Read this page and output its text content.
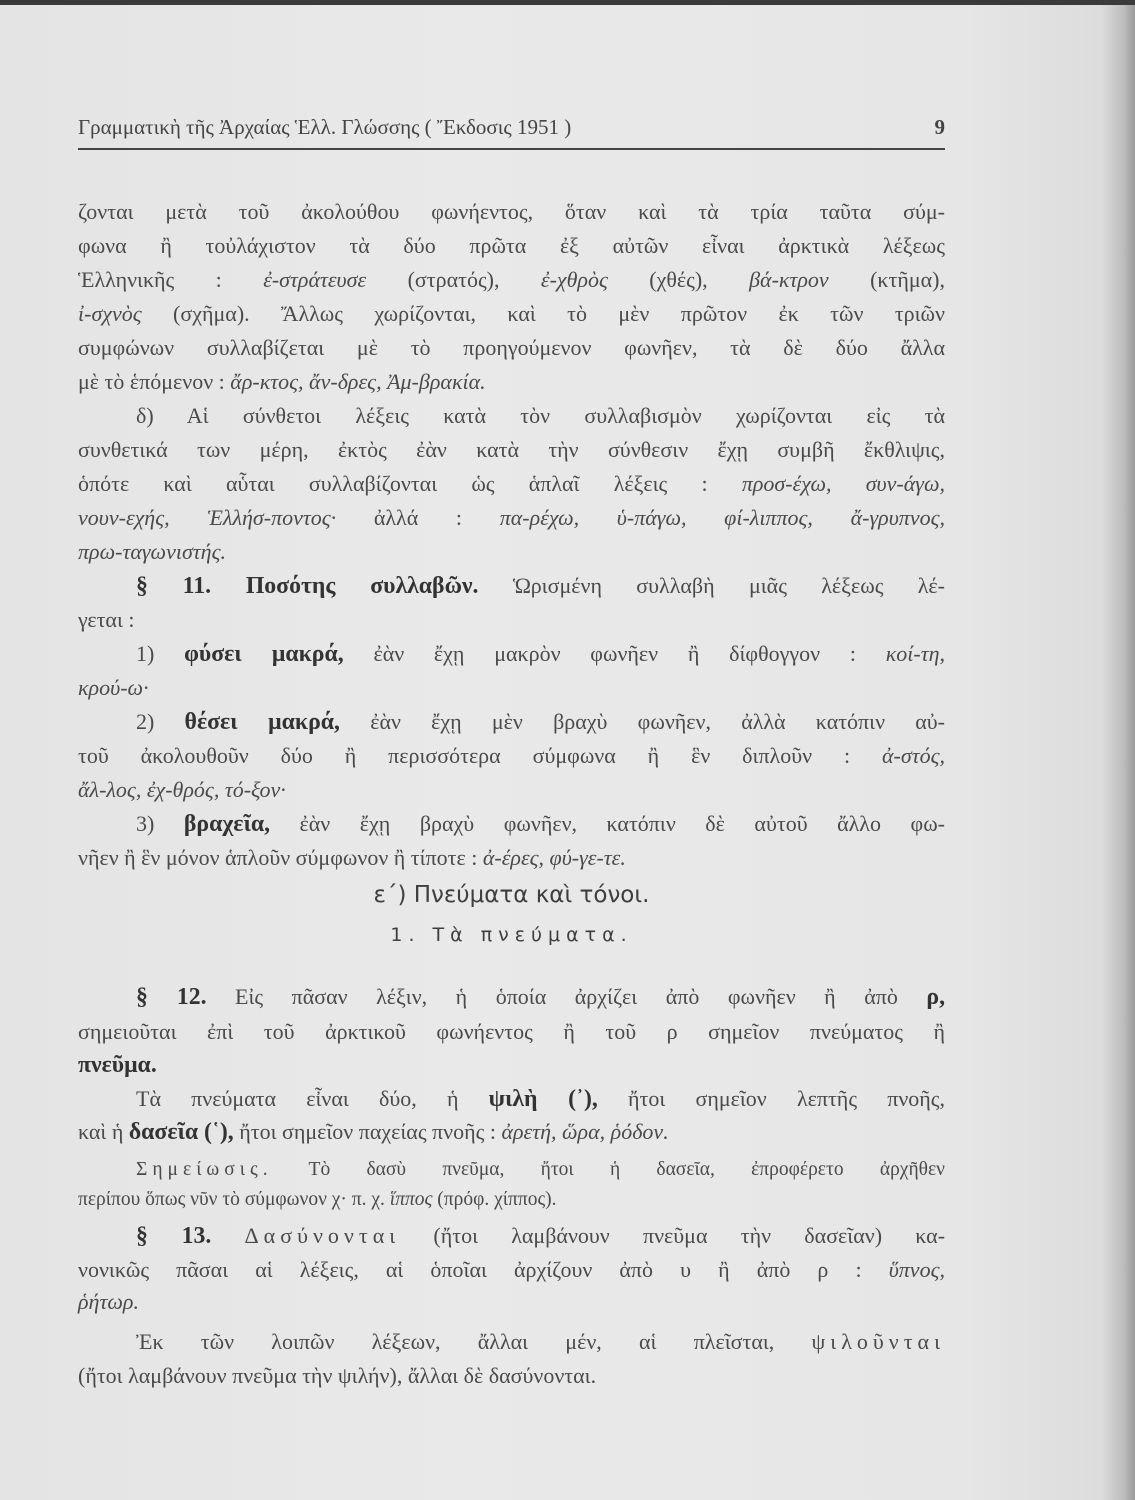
Γραμματικὴ τῆς Ἀρχαίας Ἑλλ. Γλώσσης ( Ἔκδοσις 1951 )	9
ε´) Πνεύματα καὶ τόνοι.
1. Τὰ πνεύματα.
ζονται μετὰ τοῦ ἀκολούθου φωνήεντος, ὅταν καὶ τὰ τρία ταῦτα σύμ-
φωνα ἢ τοὐλάχιστον τὰ δύο πρῶτα ἐξ αὐτῶν εἶναι ἀρκτικὰ λέξεως
Ἑλληνικῆς : ἐ-στράτευσε (στρατός), ἐ-χθρὸς (χθές), βά-κτρον (κτῆμα),
ἰ-σχνὸς (σχῆμα). Ἄλλως χωρίζονται, καὶ τὸ μὲν πρῶτον ἐκ τῶν τριῶν
συμφώνων συλλαβίζεται μὲ τὸ προηγούμενον φωνῆεν, τὰ δὲ δύο ἄλλα
μὲ τὸ ἑπόμενον : ἄρ-κτος, ἄν-δρες, Ἀμ-βρακία.
δ) Αἱ σύνθετοι λέξεις κατὰ τὸν συλλαβισμὸν χωρίζονται εἰς τὰ
συνθετικά των μέρη, ἐκτὸς ἐὰν κατὰ τὴν σύνθεσιν ἔχῃ συμβῆ ἔκθλιψις,
ὁπότε καὶ αὗται συλλαβίζονται ὡς ἁπλαῖ λέξεις : προσ-έχω, συν-άγω,
νουν-εχής, Ἑλλήσ-ποντος· ἀλλά : πα-ρέχω, ὑ-πάγω, φί-λιππος, ἄ-γρυπνος,
πρω-ταγωνιστής.
§ 11. Ποσότης συλλαβῶν. Ὡρισμένη συλλαβὴ μιᾶς λέξεως λέ-
γεται :
1) φύσει μακρά, ἐὰν ἔχῃ μακρὸν φωνῆεν ἢ δίφθογγον : κοί-τη,
κρού-ω·
2) θέσει μακρά, ἐὰν ἔχῃ μὲν βραχὺ φωνῆεν, ἀλλὰ κατόπιν αὐ-
τοῦ ἀκολουθοῦν δύο ἢ περισσότερα σύμφωνα ἢ ἓν διπλοῦν : ἀ-στός,
ἄλ-λος, ἐχ-θρός, τό-ξον·
3) βραχεῖα, ἐὰν ἔχῃ βραχὺ φωνῆεν, κατόπιν δὲ αὐτοῦ ἄλλο φω-
νῆεν ἢ ἓν μόνον ἁπλοῦν σύμφωνον ἢ τίποτε : ἀ-έρες, φύ-γε-τε.
§ 12. Εἰς πᾶσαν λέξιν, ἡ ὁποία ἀρχίζει ἀπὸ φωνῆεν ἢ ἀπὸ ρ,
σημειοῦται ἐπὶ τοῦ ἀρκτικοῦ φωνήεντος ἢ τοῦ ρ σημεῖον πνεύματος ἢ
πνεῦμα.
Τὰ πνεύματα εἶναι δύο, ἡ ψιλὴ (᾿), ἤτοι σημεῖον λεπτῆς πνοῆς,
καὶ ἡ δασεῖα (῾), ἤτοι σημεῖον παχείας πνοῆς : ἀρετή, ὥρα, ῥόδον.
Σημείωσις. Τὸ δασὺ πνεῦμα, ἤτοι ἡ δασεῖα, ἐπροφέρετο ἀρχῆθεν
περίπου ὅπως νῦν τὸ σύμφωνον χ· π. χ. ἵππος (πρόφ. χίππος).
§ 13. Δασύνονται (ἤτοι λαμβάνουν πνεῦμα τὴν δασεῖαν) κα-
νονικῶς πᾶσαι αἱ λέξεις, αἱ ὁποῖαι ἀρχίζουν ἀπὸ υ ἢ ἀπὸ ρ : ὕπνος,
ῥήτωρ.
Ἐκ τῶν λοιπῶν λέξεων, ἄλλαι μέν, αἱ πλεῖσται, ψιλοῦνται
(ἤτοι λαμβάνουν πνεῦμα τὴν ψιλήν), ἄλλαι δὲ δασύνονται.
